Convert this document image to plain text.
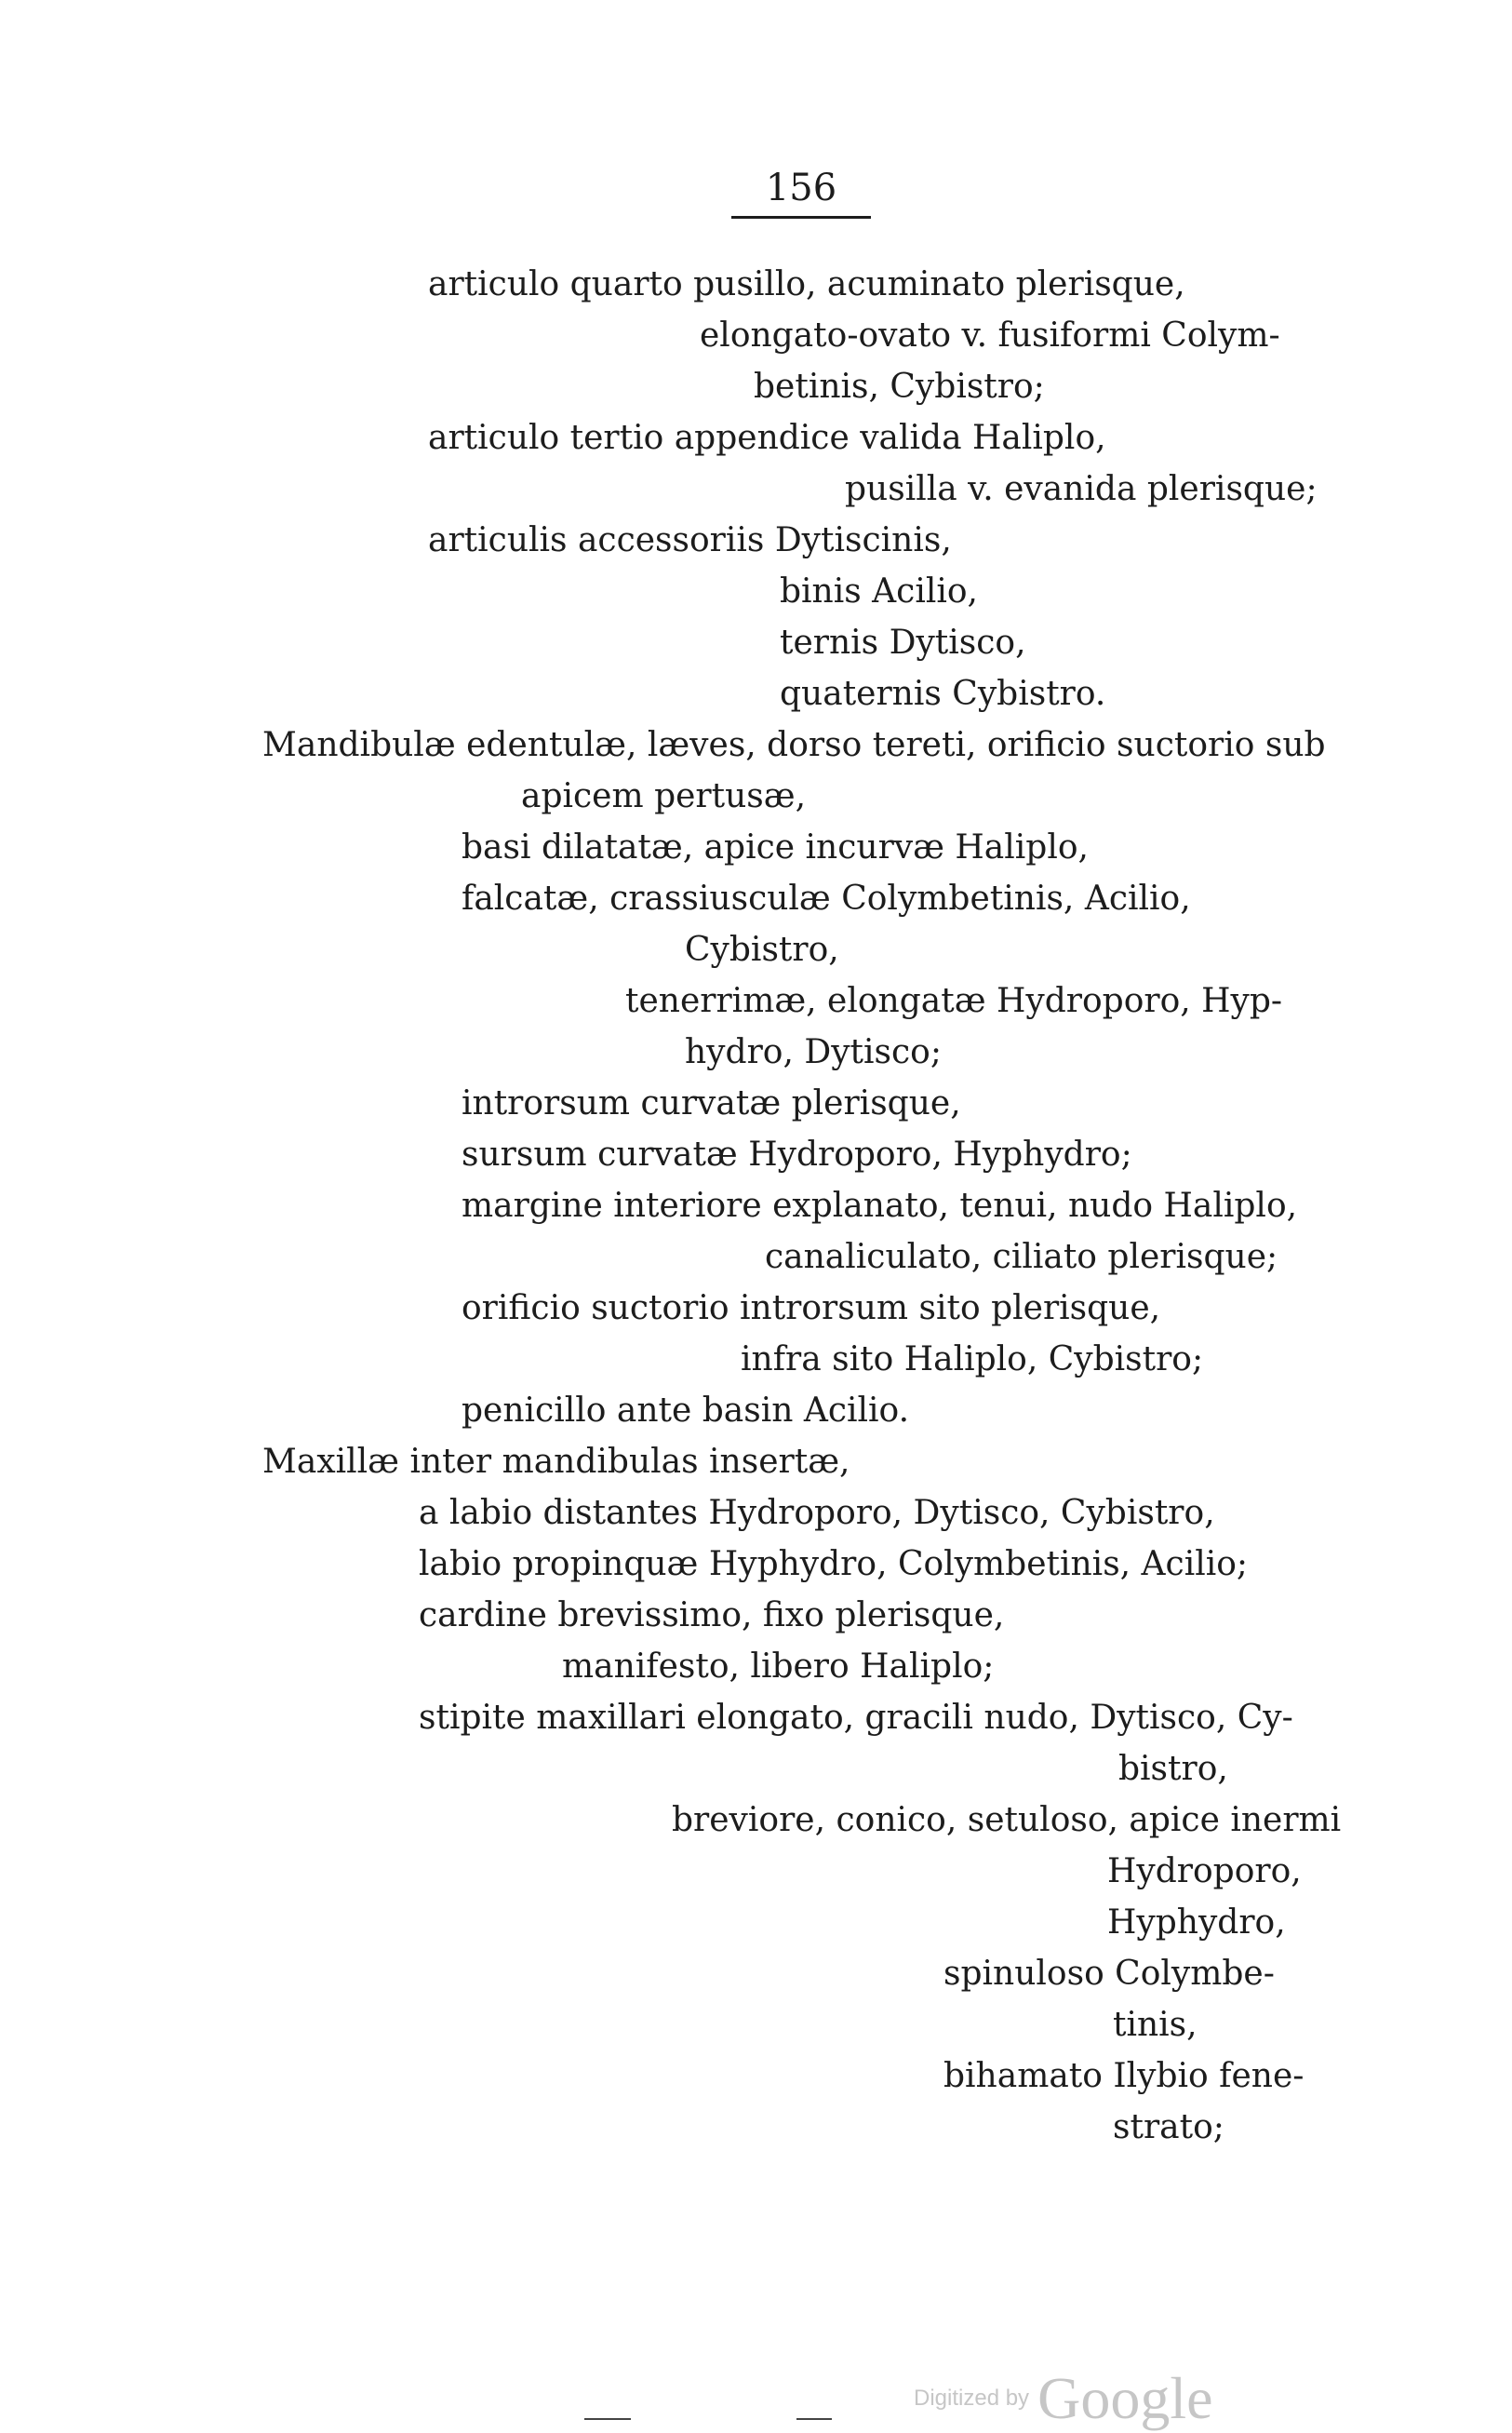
156
articulo quarto pusillo, acuminato plerisque,
elongato-ovato v. fusiformi Colym-
betinis, Cybistro;
articulo tertio appendice valida Haliplo,
pusilla v. evanida plerisque;
articulis accessoriis Dytiscinis,
binis Acilio,
ternis Dytisco,
quaternis Cybistro.
Mandibulæ edentulæ, læves, dorso tereti, orificio suctorio sub
apicem pertusæ,
basi dilatatæ, apice incurvæ Haliplo,
falcatæ, crassiusculæ Colymbetinis, Acilio,
Cybistro,
tenerrimæ, elongatæ Hydroporo, Hyp-
hydro, Dytisco;
introrsum curvatæ plerisque,
sursum curvatæ Hydroporo, Hyphydro;
margine interiore explanato, tenui, nudo Haliplo,
canaliculato, ciliato plerisque;
orificio suctorio introrsum sito plerisque,
infra sito Haliplo, Cybistro;
penicillo ante basin Acilio.
Maxillæ inter mandibulas insertæ,
a labio distantes Hydroporo, Dytisco, Cybistro,
labio propinquæ Hyphydro, Colymbetinis, Acilio;
cardine brevissimo, fixo plerisque,
manifesto, libero Haliplo;
stipite maxillari elongato, gracili nudo, Dytisco, Cy-
bistro,
breviore, conico, setuloso, apice inermi
Hydroporo,
Hyphydro,
spinuloso Colymbe-
tinis,
bihamato Ilybio fene-
strato;
Digitized by Google
